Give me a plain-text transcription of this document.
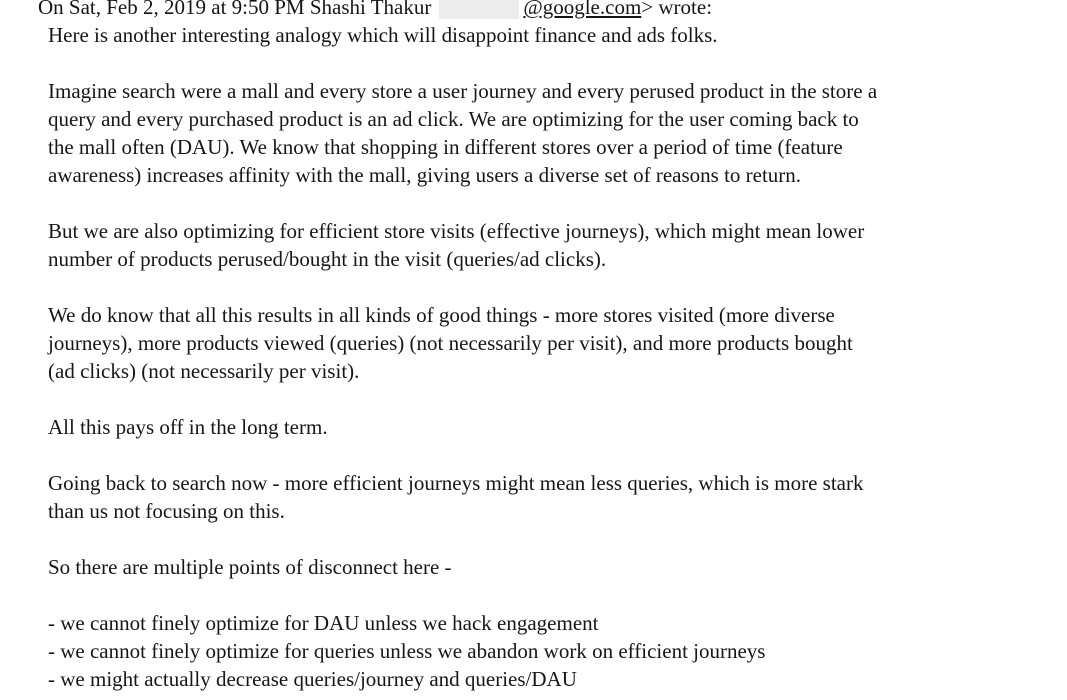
On Sat, Feb 2, 2019 at 9:50 PM Shashi Thakur	@google.com> wrote:
Here is another interesting analogy which will disappoint finance and ads folks.
Imagine search were a mall and every store a user journey and every perused product in the store a
query and every purchased product is an ad click. We are optimizing for the user coming back to
the mall often (DAU). We know that shopping in different stores over a period of time (feature
awareness) increases affinity with the mall, giving users a diverse set of reasons to return.
But we are also optimizing for efficient store visits (effective journeys), which might mean lower
number of products perused/bought in the visit (queries/ad clicks).
We do know that all this results in all kinds of good things - more stores visited (more diverse
journeys), more products viewed (queries) (not necessarily per visit), and more products bought
(ad clicks) (not necessarily per visit).
All this pays off in the long term.
Going back to search now - more efficient journeys might mean less queries, which is more stark
than us not focusing on this.
So there are multiple points of disconnect here -
- we cannot finely optimize for DAU unless we hack engagement
- we cannot finely optimize for queries unless we abandon work on efficient journeys
- we might actually decrease queries/journey and queries/DAU
